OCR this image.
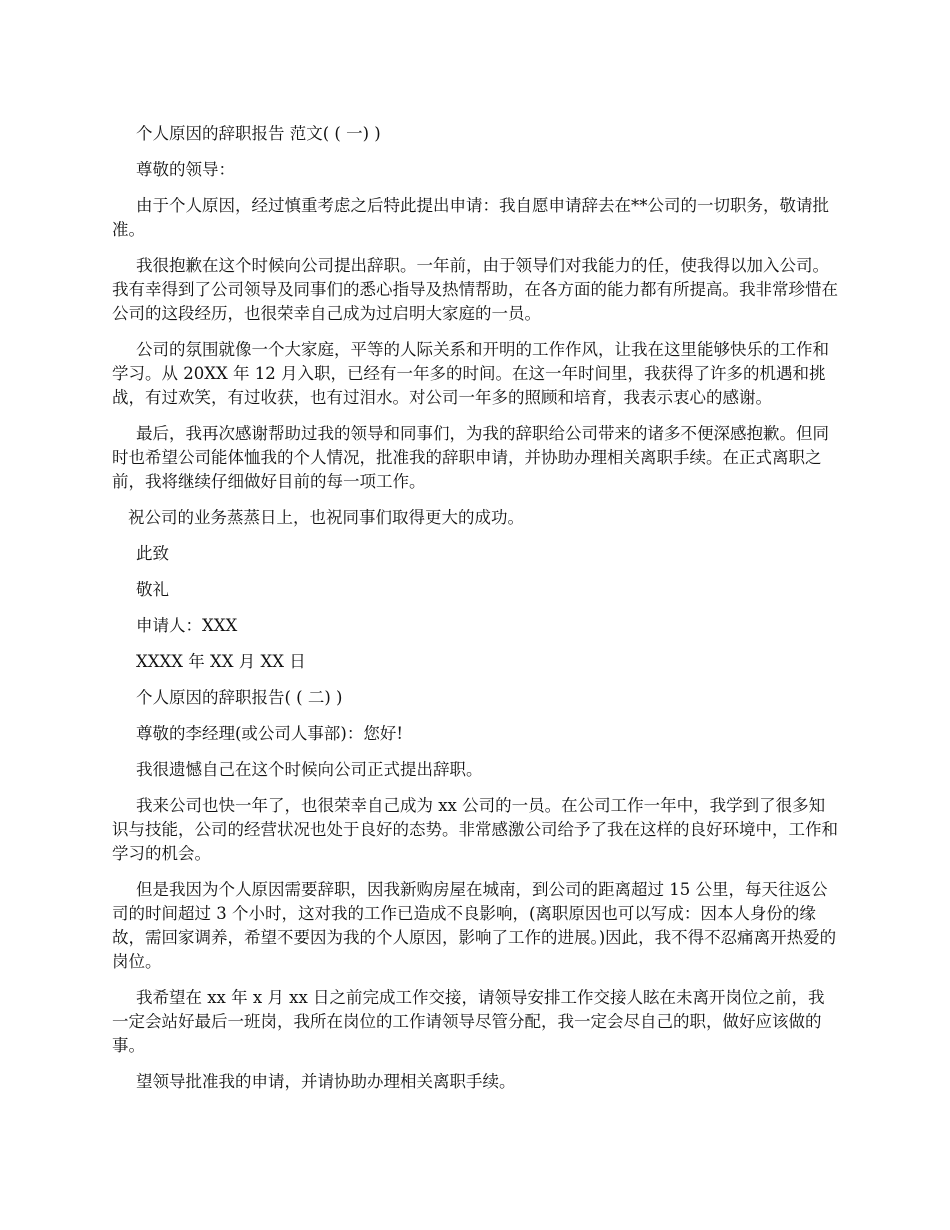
个人原因的辞职报告 范文( ( 一) )

尊敬的领导：

由于个人原因，经过慎重考虑之后特此提出申请：我自愿申请辞去在**公司的一切职务，敬请批准。

我很抱歉在这个时候向公司提出辞职。一年前，由于领导们对我能力的任，使我得以加入公司。我有幸得到了公司领导及同事们的悉心指导及热情帮助，在各方面的能力都有所提高。我非常珍惜在公司的这段经历，也很荣幸自己成为过启明大家庭的一员。

公司的氛围就像一个大家庭，平等的人际关系和开明的工作作风，让我在这里能够快乐的工作和学习。从 20XX 年 12 月入职，已经有一年多的时间。在这一年时间里，我获得了许多的机遇和挑战，有过欢笑，有过收获，也有过泪水。对公司一年多的照顾和培育，我表示衷心的感谢。

最后，我再次感谢帮助过我的领导和同事们，为我的辞职给公司带来的诸多不便深感抱歉。但同时也希望公司能体恤我的个人情况，批准我的辞职申请，并协助办理相关离职手续。在正式离职之前，我将继续仔细做好目前的每一项工作。

祝公司的业务蒸蒸日上，也祝同事们取得更大的成功。

此致

敬礼

申请人：XXX

XXXX 年 XX 月 XX 日

个人原因的辞职报告( ( 二) )

尊敬的李经理(或公司人事部)：您好!

我很遗憾自己在这个时候向公司正式提出辞职。

我来公司也快一年了，也很荣幸自己成为 xx 公司的一员。在公司工作一年中，我学到了很多知识与技能，公司的经营状况也处于良好的态势。非常感激公司给予了我在这样的良好环境中，工作和学习的机会。

但是我因为个人原因需要辞职，因我新购房屋在城南，到公司的距离超过 15 公里，每天往返公司的时间超过 3 个小时，这对我的工作已造成不良影响，(离职原因也可以写成：因本人身份的缘故，需回家调养，希望不要因为我的个人原因，影响了工作的进展。)因此，我不得不忍痛离开热爱的岗位。

我希望在 xx 年 x 月 xx 日之前完成工作交接，请领导安排工作交接人眩在未离开岗位之前，我一定会站好最后一班岗，我所在岗位的工作请领导尽管分配，我一定会尽自己的职，做好应该做的事。

望领导批准我的申请，并请协助办理相关离职手续。
